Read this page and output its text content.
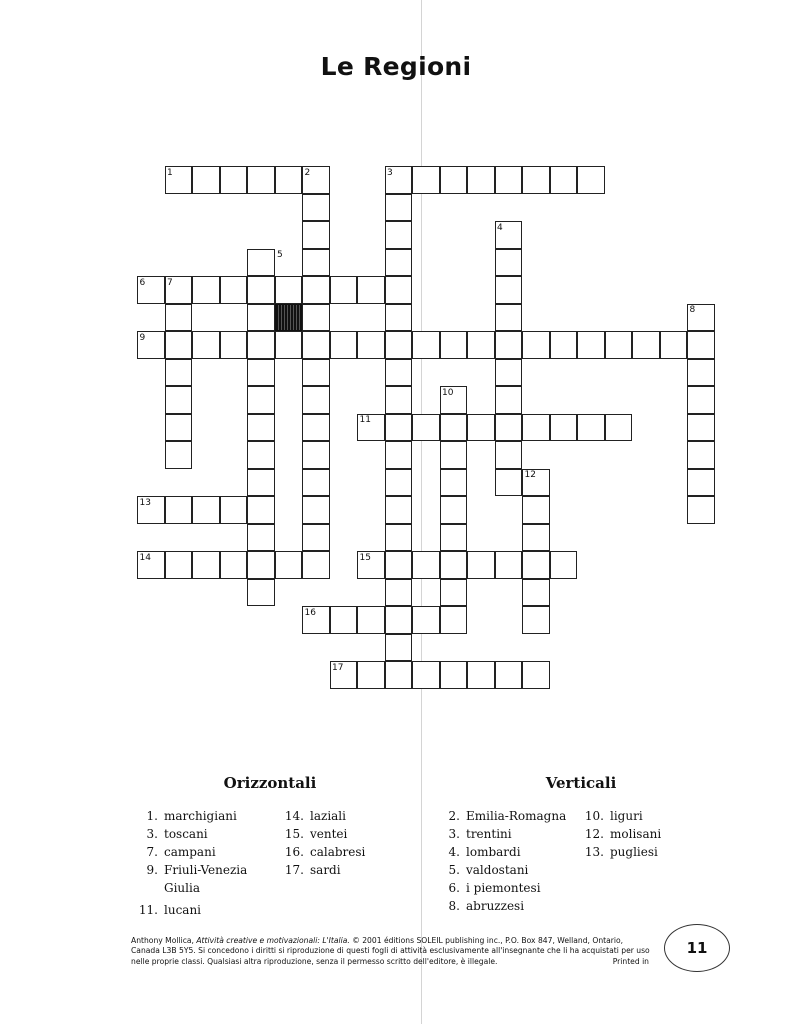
Le Regioni
1	2	3
4
5
6 7
8
9
10
11
12
13
14	15
16
17
Orizzontali	Verticali
1. marchigiani
3. toscani
7. campani
9. Friuli-Venezia
Giulia
11. lucani
14. laziali
15. ventei
16. calabresi
17. sardi
2. Emilia-Romagna
3. trentini
4. lombardi
5. valdostani
6. i piemontesi
8. abruzzesi
10. liguri
12. molisani
13. pugliesi
Anthony Mollica, Attività creative e motivazionali: L'Italia. © 2001 éditions SOLEIL publishing inc., P.O. Box 847, Welland, Ontario,
Canada L3B 5Y5. Si concedono i diritti si riproduzione di questi fogli di attività esclusivamente all'insegnante che li ha acquistati per uso
nelle proprie classi. Qualsiasi altra riproduzione, senza il permesso scritto dell'editore, è illegale.	Printed in
11
